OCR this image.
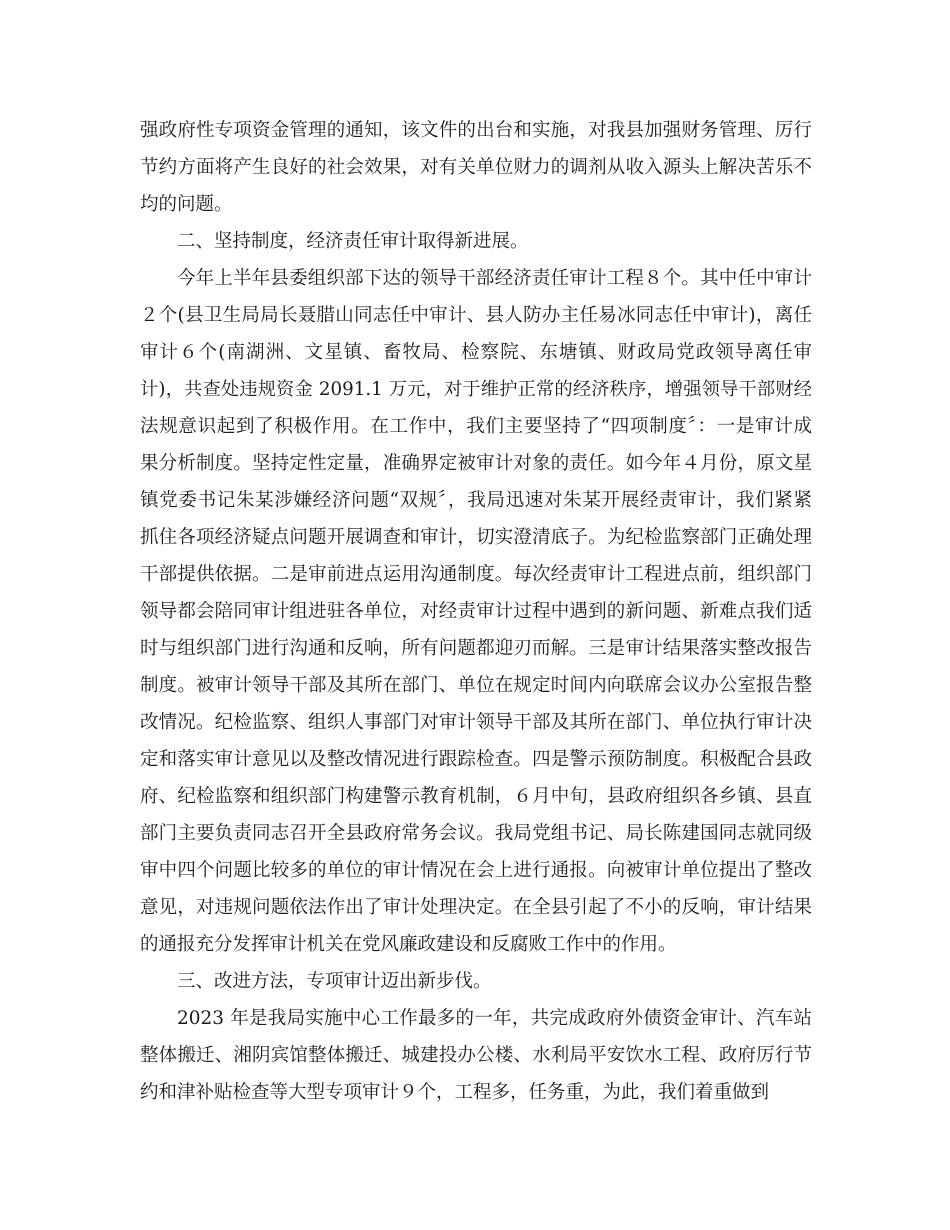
强政府性专项资金管理的通知，该文件的出台和实施，对我县加强财务管理、厉行
节约方面将产生良好的社会效果，对有关单位财力的调剂从收入源头上解决苦乐不
均的问题。
二、坚持制度，经济责任审计取得新进展。
今年上半年县委组织部下达的领导干部经济责任审计工程８个。其中任中审计
２个(县卫生局局长聂腊山同志任中审计、县人防办主任易冰同志任中审计)，离任
审计６个(南湖洲、文星镇、畜牧局、检察院、东塘镇、财政局党政领导离任审
计)，共查处违规资金 2091.1 万元，对于维护正常的经济秩序，增强领导干部财经
法规意识起到了积极作用。在工作中，我们主要坚持了“四项制度〞：一是审计成
果分析制度。坚持定性定量，准确界定被审计对象的责任。如今年４月份，原文星
镇党委书记朱某涉嫌经济问题“双规〞，我局迅速对朱某开展经责审计，我们紧紧
抓住各项经济疑点问题开展调查和审计，切实澄清底子。为纪检监察部门正确处理
干部提供依据。二是审前进点运用沟通制度。每次经责审计工程进点前，组织部门
领导都会陪同审计组进驻各单位，对经责审计过程中遇到的新问题、新难点我们适
时与组织部门进行沟通和反响，所有问题都迎刃而解。三是审计结果落实整改报告
制度。被审计领导干部及其所在部门、单位在规定时间内向联席会议办公室报告整
改情况。纪检监察、组织人事部门对审计领导干部及其所在部门、单位执行审计决
定和落实审计意见以及整改情况进行跟踪检查。四是警示预防制度。积极配合县政
府、纪检监察和组织部门构建警示教育机制，６月中旬，县政府组织各乡镇、县直
部门主要负责同志召开全县政府常务会议。我局党组书记、局长陈建国同志就同级
审中四个问题比较多的单位的审计情况在会上进行通报。向被审计单位提出了整改
意见，对违规问题依法作出了审计处理决定。在全县引起了不小的反响，审计结果
的通报充分发挥审计机关在党风廉政建设和反腐败工作中的作用。
三、改进方法，专项审计迈出新步伐。
2023 年是我局实施中心工作最多的一年，共完成政府外债资金审计、汽车站
整体搬迁、湘阴宾馆整体搬迁、城建投办公楼、水利局平安饮水工程、政府厉行节
约和津补贴检查等大型专项审计９个，工程多，任务重，为此，我们着重做到
